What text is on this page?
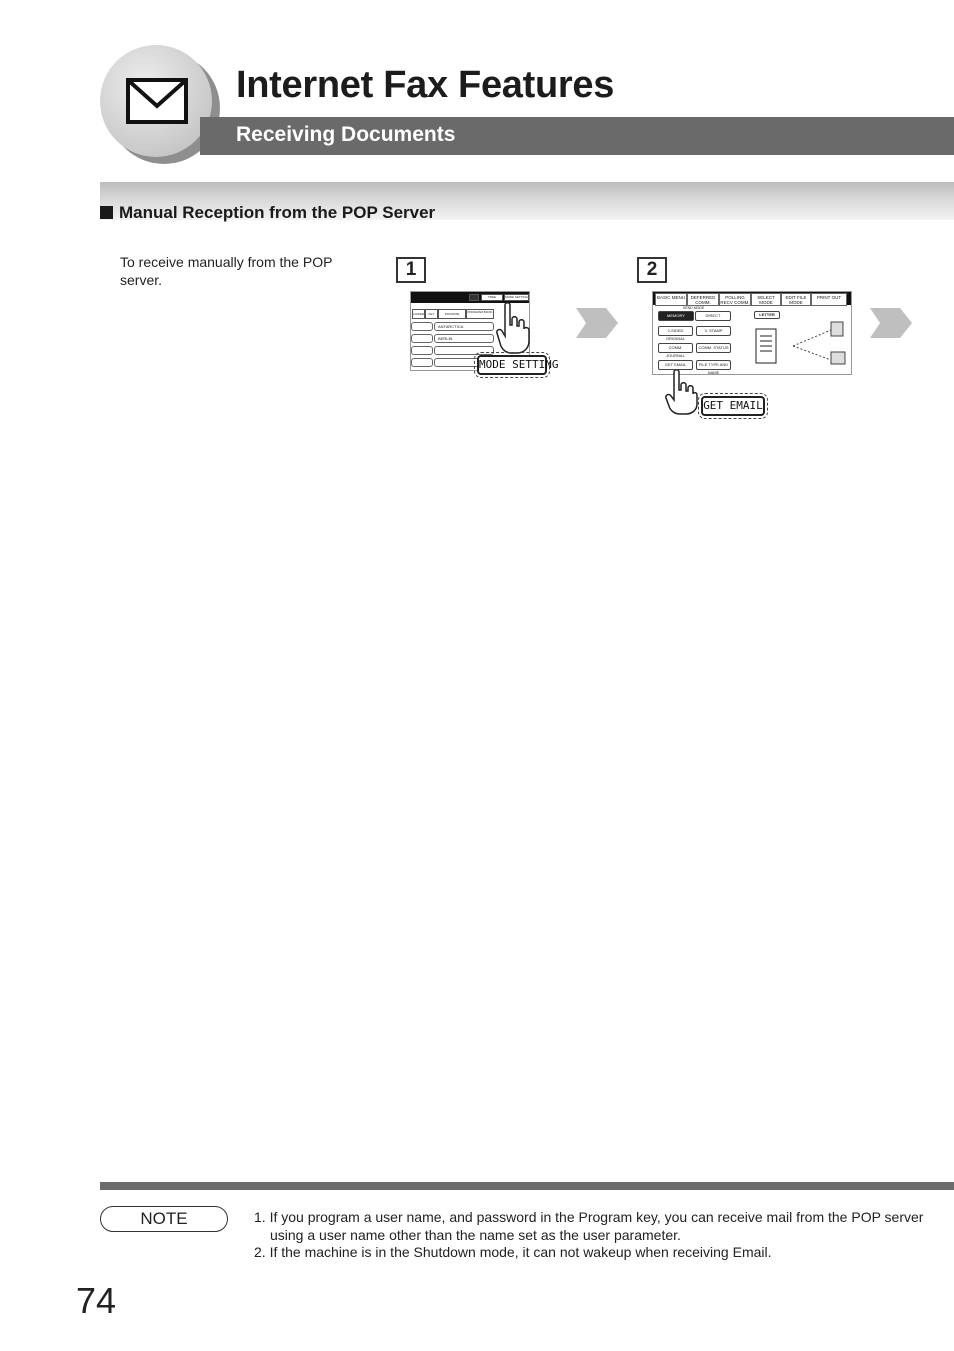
Internet Fax Features
Receiving Documents
Manual Reception from the POP Server
To receive manually from the POP server.	1
TREE	MODE SETTING
LOWER	KEY	FAVORITE	PROGRAM BOOK
ANTARCTICA
BERLIN
MODE SETTING
2
BASIC MENU	DEFERRED COMM.
POLLING RECV COMM.
SELECT MODE
EDIT FILE MODE
PRINT OUT
SEND MODE
MEMORY	DIRECT	LETTER
2-SIDED ORIGINAL
V. STAMP
COMM. JOURNAL
COMM. STATUS
GET EMAIL	FILE TYPE AND NAME
GET EMAIL
NOTE	1. If you program a user name, and password in the Program key, you can receive mail from the POP server using a user name other than the name set as the user parameter.
2. If the machine is in the Shutdown mode, it can not wakeup when receiving Email.
74
